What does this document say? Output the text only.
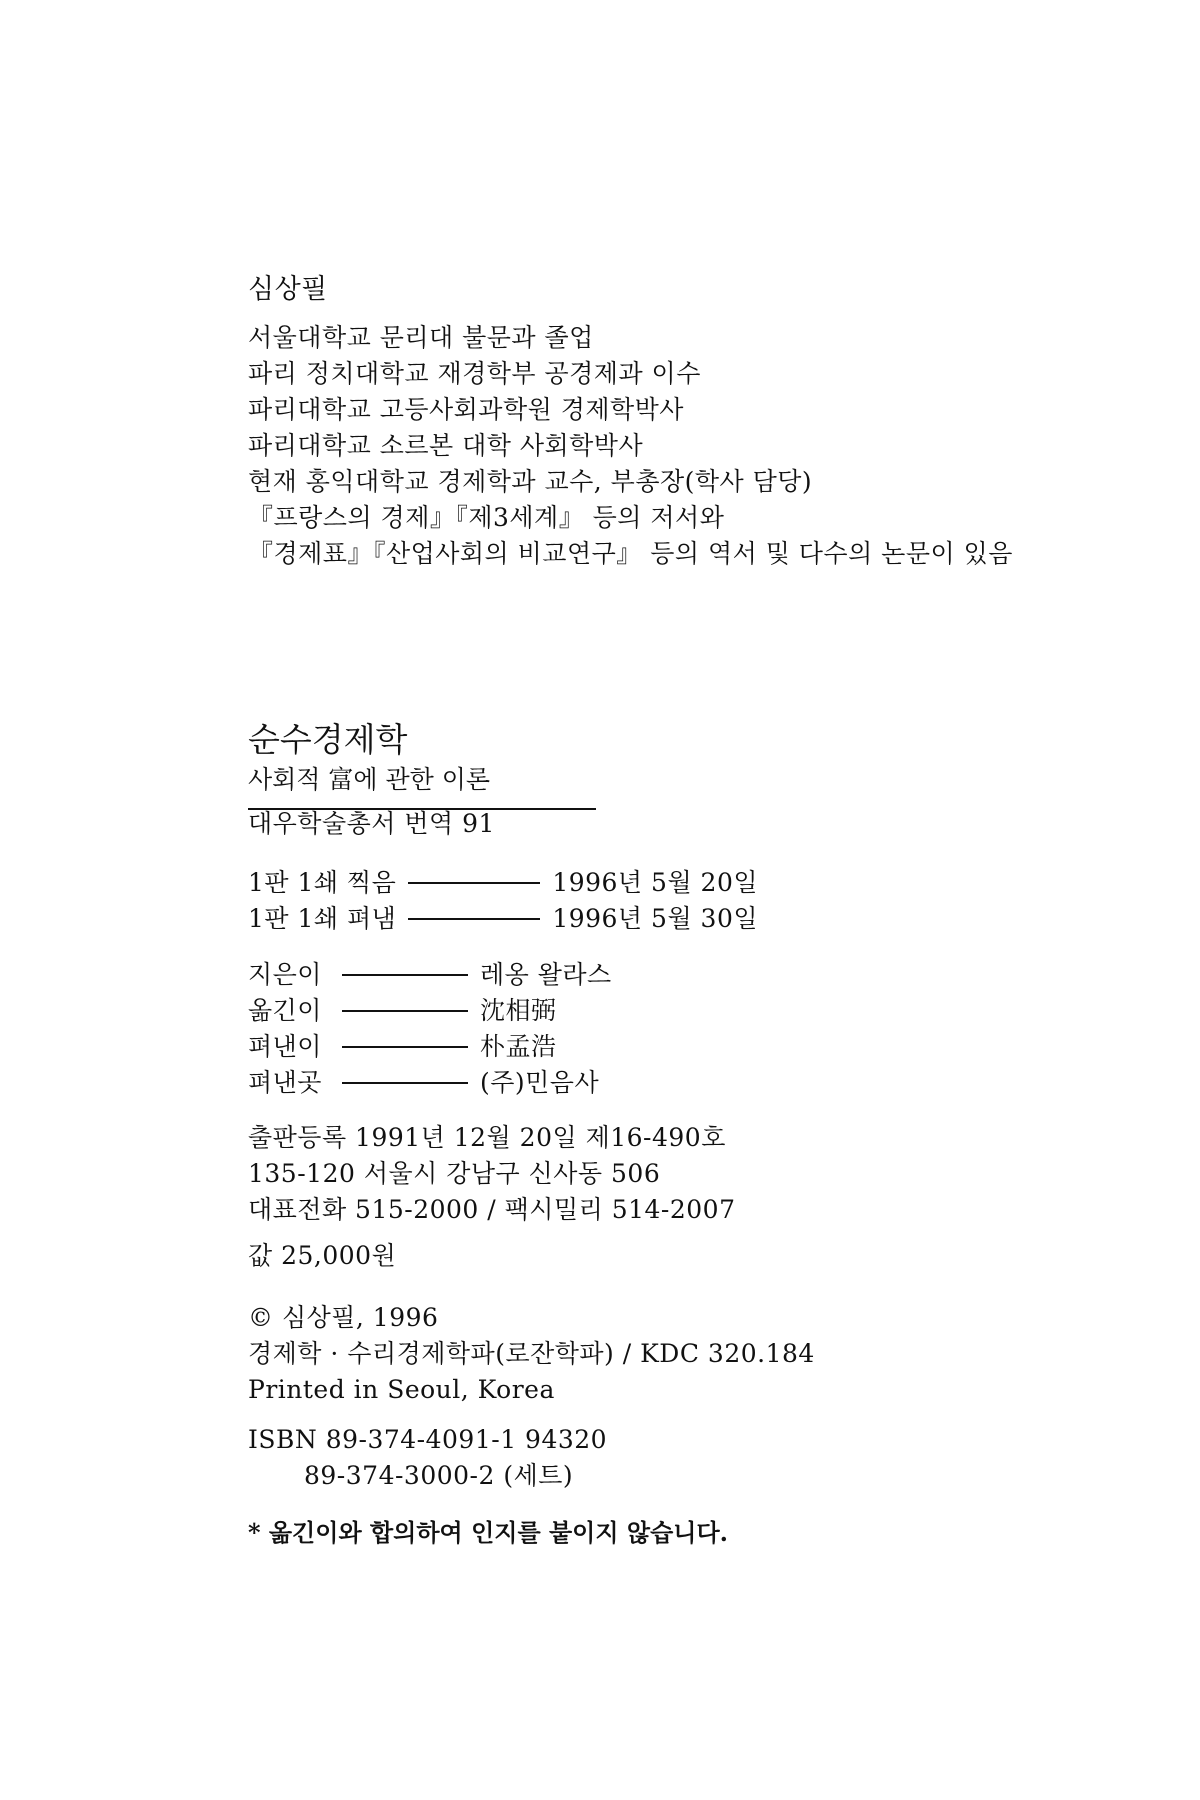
심상필
서울대학교 문리대 불문과 졸업
파리 정치대학교 재경학부 공경제과 이수
파리대학교 고등사회과학원 경제학박사
파리대학교 소르본 대학 사회학박사
현재 홍익대학교 경제학과 교수, 부총장(학사 담당)
『프랑스의 경제』『제3세계』 등의 저서와
『경제표』『산업사회의 비교연구』 등의 역서 및 다수의 논문이 있음
순수경제학
사회적 富에 관한 이론
대우학술총서 번역 91
1판 1쇄 찍음	1996년 5월 20일
1판 1쇄 펴냄	1996년 5월 30일
지은이	레옹 왈라스
옮긴이	沈相弼
펴낸이	朴孟浩
펴낸곳	(주)민음사
출판등록 1991년 12월 20일 제16-490호
135-120 서울시 강남구 신사동 506
대표전화 515-2000 / 팩시밀리 514-2007
값 25,000원
© 심상필, 1996
경제학 · 수리경제학파(로잔학파) / KDC 320.184
Printed in Seoul, Korea
ISBN 89-374-4091-1 94320
89-374-3000-2 (세트)
* 옮긴이와 합의하여 인지를 붙이지 않습니다.
